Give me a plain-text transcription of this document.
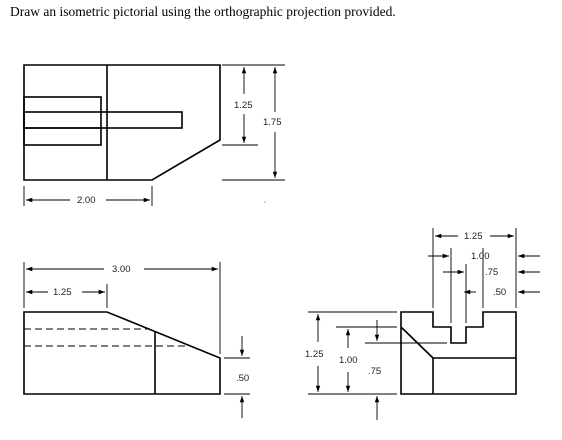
Draw an isometric pictorial using the orthographic projection provided.
2.00
1.25
1.75
3.00
1.25
.50
1.25
1.00
.75
.50
1.25
1.00
.75
